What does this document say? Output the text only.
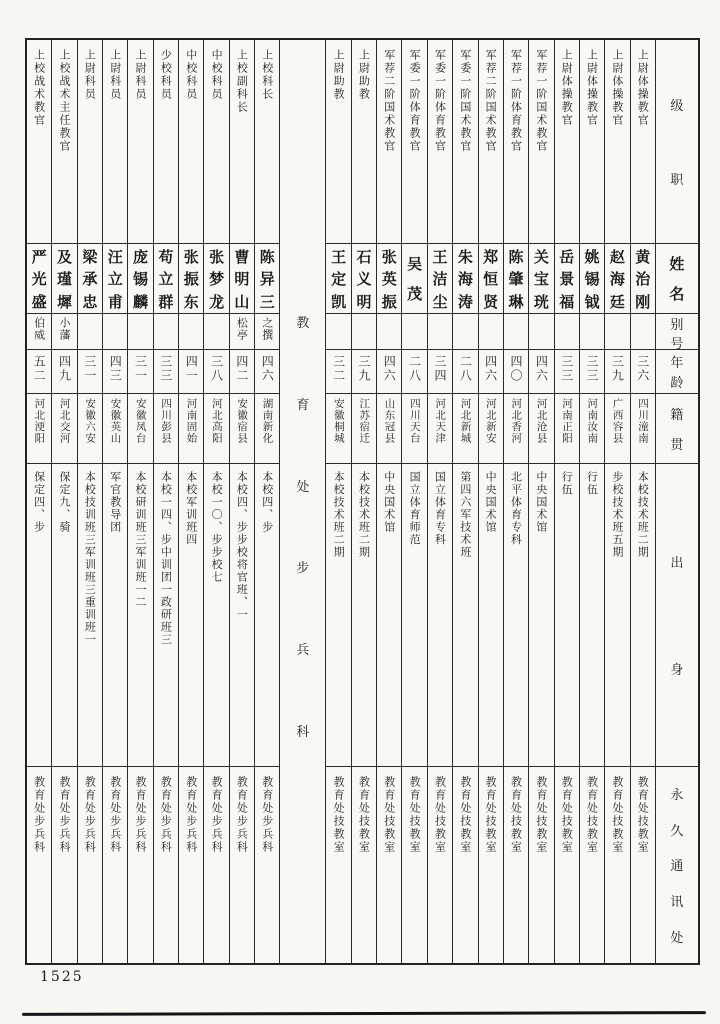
上校战术教官
严
光
盛
伯威
五二
河北浭阳
保定四、步
教育处步兵科
上校战术主任教官
及
瑾
墀
小藩
四九
河北交河
保定九、骑
教育处步兵科
上尉科员
梁
承
忠
三一
安徽六安
本校技训班三军训班三重训班一
教育处步兵科
上尉科员
汪
立
甫
四三
安徽英山
军官教导团
教育处步兵科
上尉科员
庞
锡
麟
三一
安徽凤台
本校研训班三军训班一二
教育处步兵科
少校科员
苟
立
群
三三
四川彭县
本校一四、步中训团一政研班三
教育处步兵科
中校科员
张
振
东
四一
河南固始
本校军训班四
教育处步兵科
中校科员
张
梦
龙
三八
河北高阳
本校一〇、步步校七
教育处步兵科
上校副科长
曹
明
山
松亭
四二
安徽宿县
本校四、步步校将官班、一
教育处步兵科
上校科长
陈
异
三
之撰
四六
湖南新化
本校四、步
教育处步兵科
教
育
处
步
兵
科
上尉助教
王
定
凯
三二
安徽桐城
本校技术班二期
教育处技教室
上尉助教
石
义
明
三九
江苏宿迁
本校技术班二期
教育处技教室
军荐二阶国术教官
张
英
振
四六
山东冠县
中央国术馆
教育处技教室
军委一阶体育教官
吴
茂
二八
四川天台
国立体育师范
教育处技教室
军委一阶体育教官
王
洁
尘
三四
河北天津
国立体育专科
教育处技教室
军委一阶国术教官
朱
海
涛
二八
河北新城
第四六军技术班
教育处技教室
军荐二阶国术教官
郑
恒
贤
四六
河北新安
中央国术馆
教育处技教室
军荐一阶体育教官
陈
肇
琳
四〇
河北香河
北平体育专科
教育处技教室
军荐一阶国术教官
关
宝
珖
四六
河北沧县
中央国术馆
教育处技教室
上尉体操教官
岳
景
福
三三
河南正阳
行伍
教育处技教室
上尉体操教官
姚
锡
钺
三三
河南汝南
行伍
教育处技教室
上尉体操教官
赵
海
廷
三九
广西容县
步校技术班五期
教育处技教室
上尉体操教官
黄
治
刚
三六
四川潼南
本校技术班二期
教育处技教室
级
职
姓
名
别
号
年
龄
籍
贯
出
身
永
久
通
讯
处
1525
